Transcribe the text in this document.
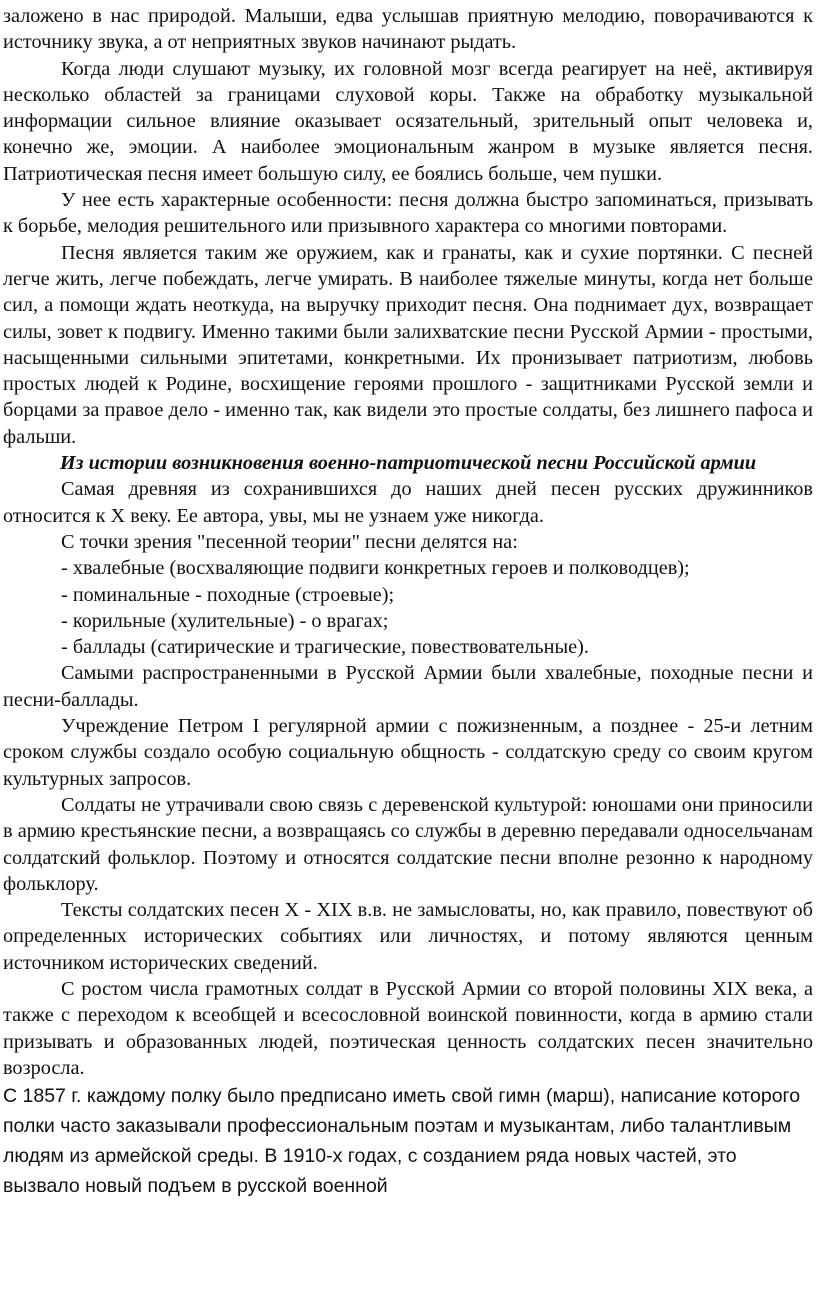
заложено в нас природой. Малыши, едва услышав приятную мелодию, поворачиваются к источнику звука, а от неприятных звуков начинают рыдать.

Когда люди слушают музыку, их головной мозг всегда реагирует на неё, активируя несколько областей за границами слуховой коры. Также на обработку музыкальной информации сильное влияние оказывает осязательный, зрительный опыт человека и, конечно же, эмоции. А наиболее эмоциональным жанром в музыке является песня. Патриотическая песня имеет большую силу, ее боялись больше, чем пушки.

У нее есть характерные особенности: песня должна быстро запоминаться, призывать к борьбе, мелодия решительного или призывного характера со многими повторами.

Песня является таким же оружием, как и гранаты, как и сухие портянки. С песней легче жить, легче побеждать, легче умирать. В наиболее тяжелые минуты, когда нет больше сил, а помощи ждать неоткуда, на выручку приходит песня. Она поднимает дух, возвращает силы, зовет к подвигу. Именно такими были залихватские песни Русской Армии - простыми, насыщенными сильными эпитетами, конкретными. Их пронизывает патриотизм, любовь простых людей к Родине, восхищение героями прошлого - защитниками Русской земли и борцами за правое дело - именно так, как видели это простые солдаты, без лишнего пафоса и фальши.

Из истории возникновения военно-патриотической песни Российской армии

Самая древняя из сохранившихся до наших дней песен русских дружинников относится к X веку. Ее автора, увы, мы не узнаем уже никогда.

С точки зрения "песенной теории" песни делятся на:

- хвалебные (восхваляющие подвиги конкретных героев и полководцев);

- поминальные - походные (строевые);

- корильные (хулительные) - о врагах;

- баллады (сатирические и трагические, повествовательные).

Самыми распространенными в Русской Армии были хвалебные, походные песни и песни-баллады.

Учреждение Петром I регулярной армии с пожизненным, а позднее - 25-и летним сроком службы создало особую социальную общность - солдатскую среду со своим кругом культурных запросов.

Солдаты не утрачивали свою связь с деревенской культурой: юношами они приносили в армию крестьянские песни, а возвращаясь со службы в деревню передавали односельчанам солдатский фольклор. Поэтому и относятся солдатские песни вполне резонно к народному фольклору.

Тексты солдатских песен X - XIX в.в. не замысловаты, но, как правило, повествуют об определенных исторических событиях или личностях, и потому являются ценным источником исторических сведений.

С ростом числа грамотных солдат в Русской Армии со второй половины XIX века, а также с переходом к всеобщей и всесословной воинской повинности, когда в армию стали призывать и образованных людей, поэтическая ценность солдатских песен значительно возросла.

С 1857 г. каждому полку было предписано иметь свой гимн (марш), написание которого полки часто заказывали профессиональным поэтам и музыкантам, либо талантливым людям из армейской среды. В 1910-х годах, с созданием ряда новых частей, это вызвало новый подъем в русской военной
